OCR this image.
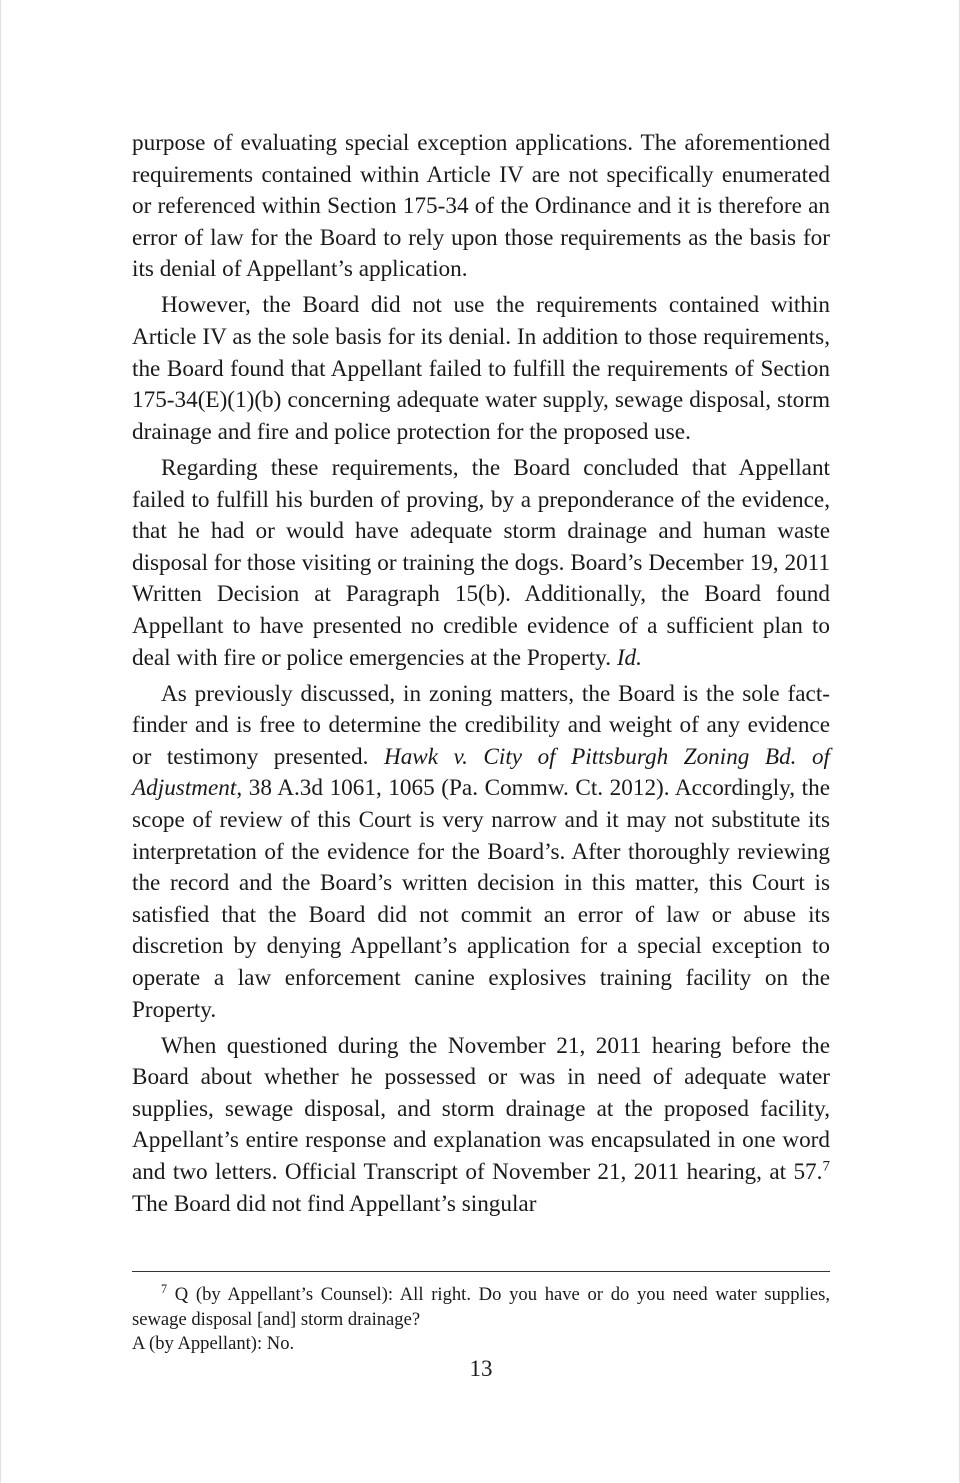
purpose of evaluating special exception applications. The aforementioned requirements contained within Article IV are not specifically enumerated or referenced within Section 175-34 of the Ordinance and it is therefore an error of law for the Board to rely upon those requirements as the basis for its denial of Appellant’s application.

However, the Board did not use the requirements contained within Article IV as the sole basis for its denial. In addition to those requirements, the Board found that Appellant failed to fulfill the requirements of Section 175-34(E)(1)(b) concerning adequate water supply, sewage disposal, storm drainage and fire and police protection for the proposed use.

Regarding these requirements, the Board concluded that Appellant failed to fulfill his burden of proving, by a preponderance of the evidence, that he had or would have adequate storm drainage and human waste disposal for those visiting or training the dogs. Board’s December 19, 2011 Written Decision at Paragraph 15(b). Additionally, the Board found Appellant to have presented no credible evidence of a sufficient plan to deal with fire or police emergencies at the Property. Id.

As previously discussed, in zoning matters, the Board is the sole fact-finder and is free to determine the credibility and weight of any evidence or testimony presented. Hawk v. City of Pittsburgh Zoning Bd. of Adjustment, 38 A.3d 1061, 1065 (Pa. Commw. Ct. 2012). Accordingly, the scope of review of this Court is very narrow and it may not substitute its interpretation of the evidence for the Board’s. After thoroughly reviewing the record and the Board’s written decision in this matter, this Court is satisfied that the Board did not commit an error of law or abuse its discretion by denying Appellant’s application for a special exception to operate a law enforcement canine explosives training facility on the Property.

When questioned during the November 21, 2011 hearing before the Board about whether he possessed or was in need of adequate water supplies, sewage disposal, and storm drainage at the proposed facility, Appellant’s entire response and explanation was encapsulated in one word and two letters. Official Transcript of November 21, 2011 hearing, at 57.$^7$ The Board did not find Appellant’s singular

$^7$ Q (by Appellant’s Counsel): All right. Do you have or do you need water supplies, sewage disposal [and] storm drainage?

A (by Appellant): No.

13
